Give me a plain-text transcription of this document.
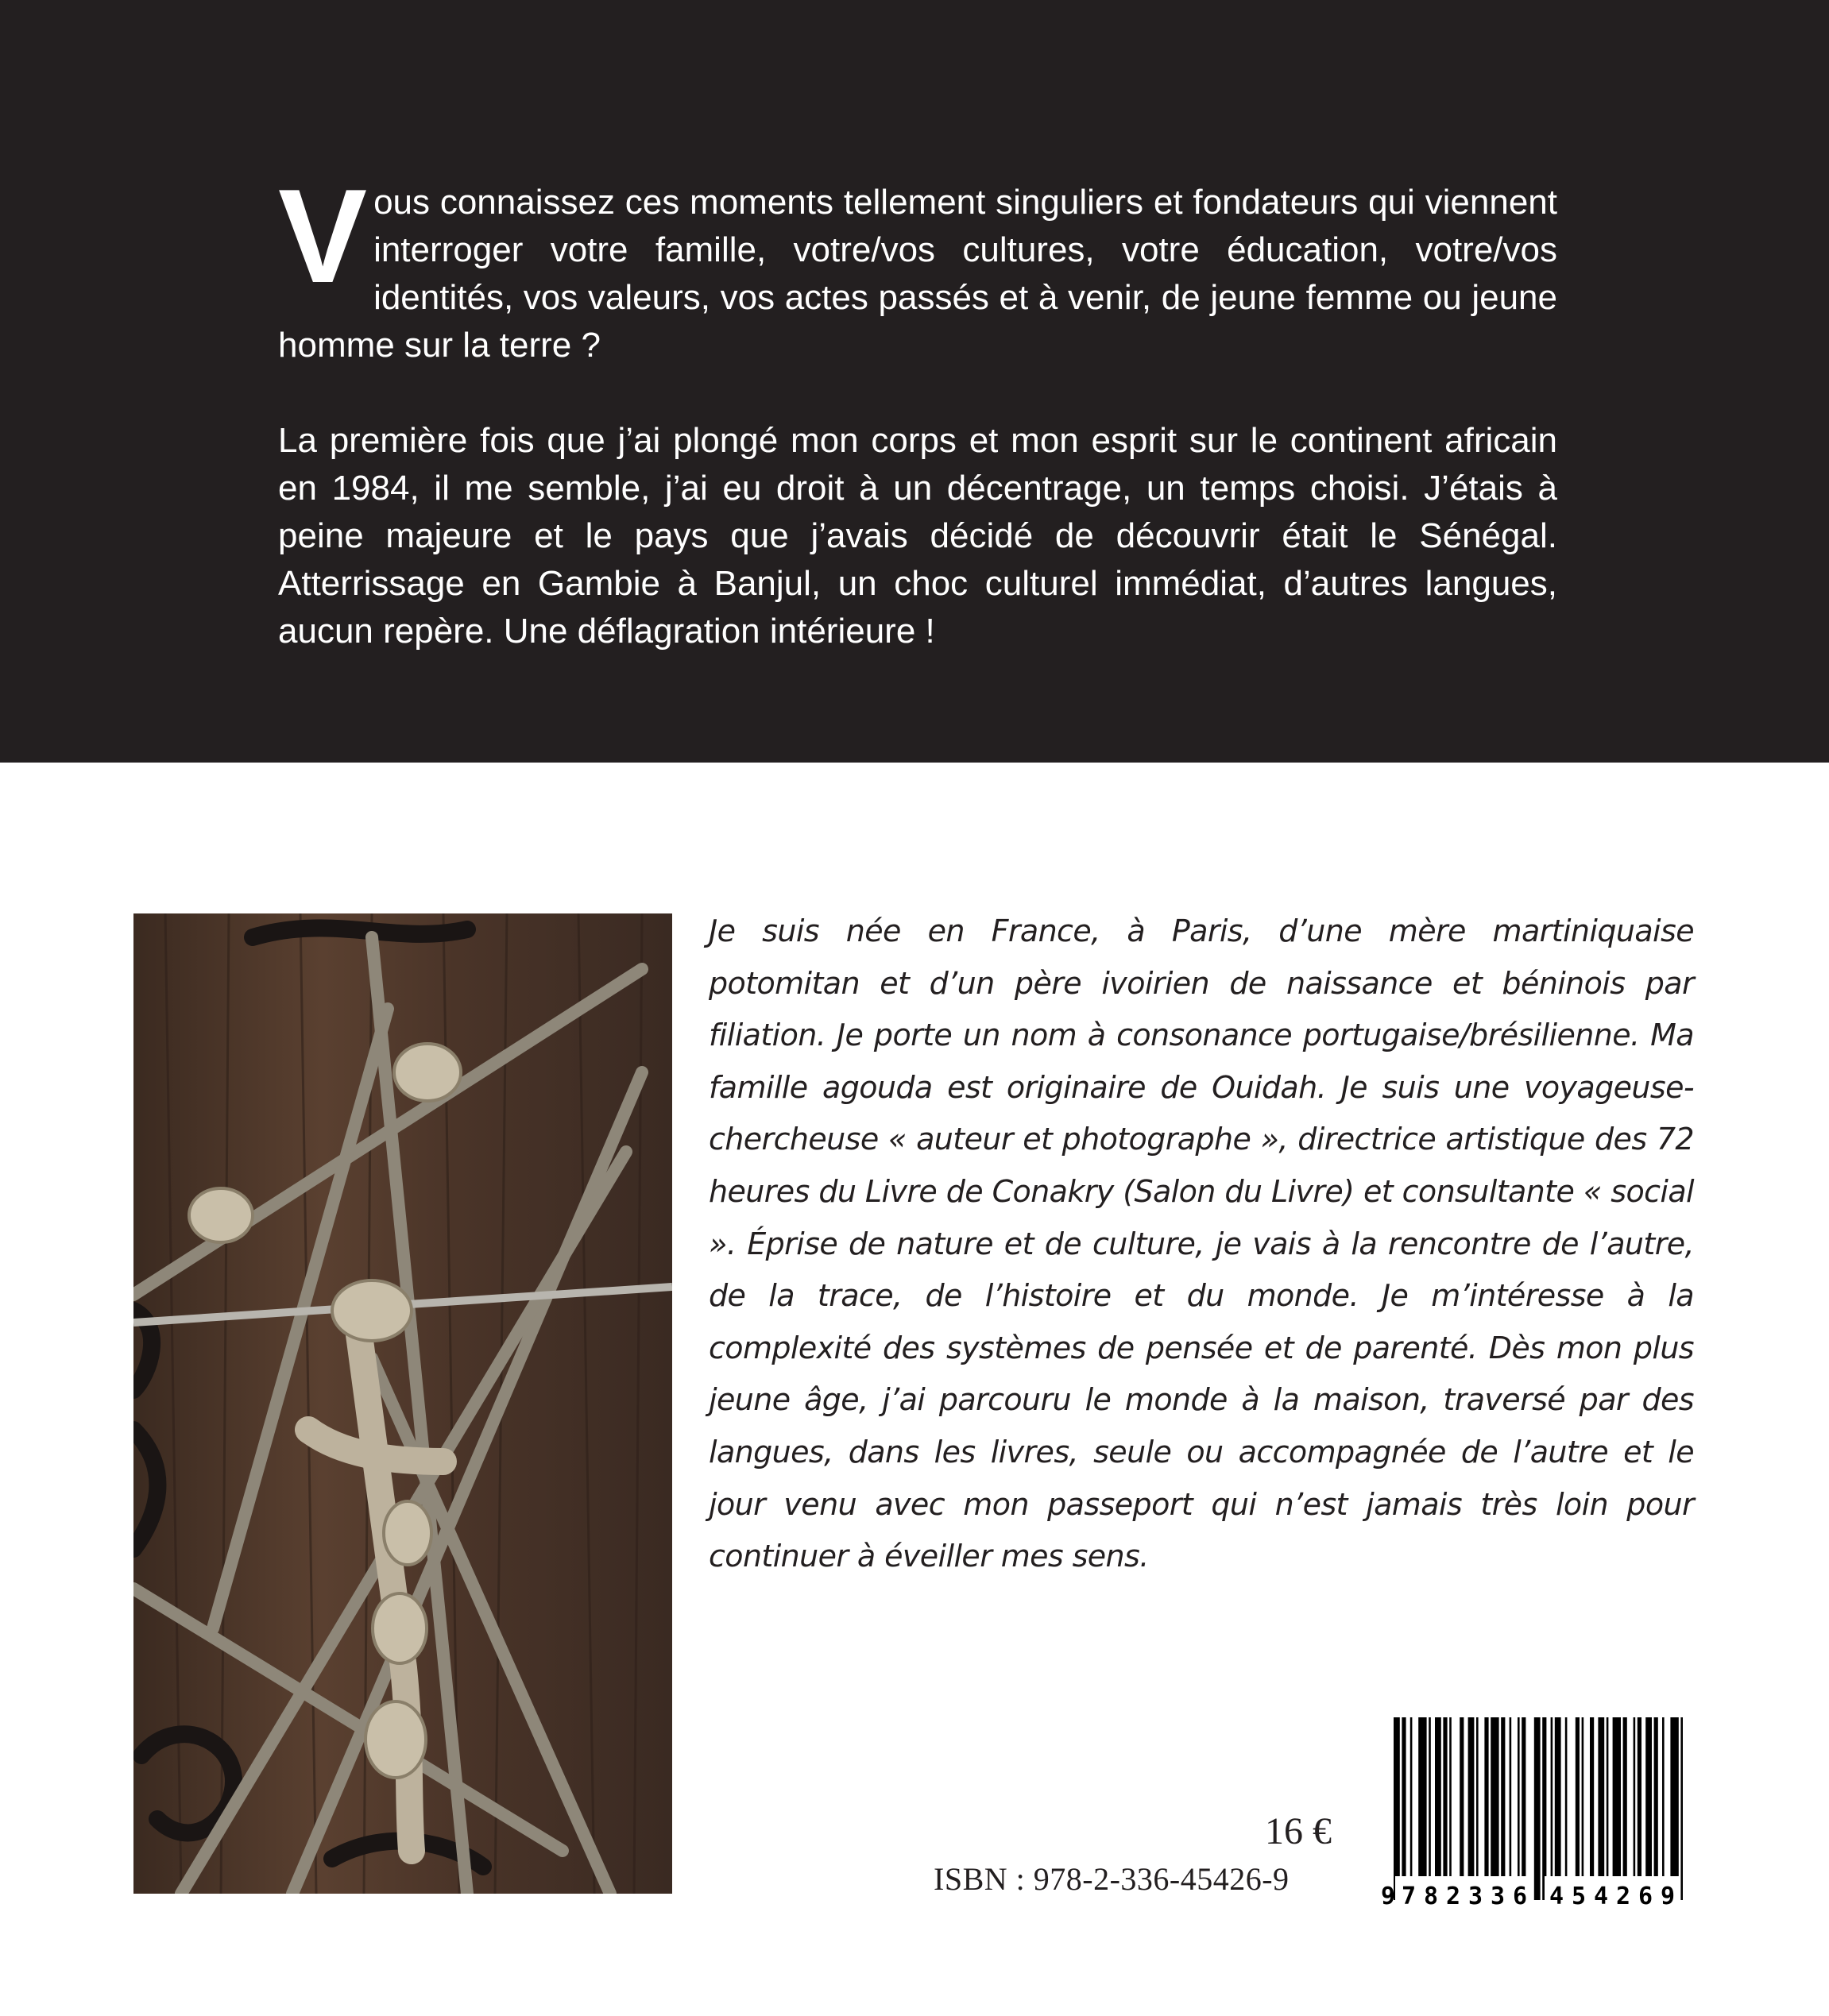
Vous connaissez ces moments tellement singuliers et fondateurs qui viennent interroger votre famille, votre/vos cultures, votre éducation, votre/vos identités, vos valeurs, vos actes passés et à venir, de jeune femme ou jeune homme sur la terre ?

La première fois que j’ai plongé mon corps et mon esprit sur le continent africain en 1984, il me semble, j’ai eu droit à un décentrage, un temps choisi. J’étais à peine majeure et le pays que j’avais décidé de découvrir était le Sénégal. Atterrissage en Gambie à Banjul, un choc culturel immédiat, d’autres langues, aucun repère. Une déflagration intérieure !

Je suis née en France, à Paris, d’une mère martiniquaise potomitan et d’un père ivoirien de naissance et béninois par filiation. Je porte un nom à consonance portugaise/brésilienne. Ma famille agouda est originaire de Ouidah. Je suis une voyageuse-chercheuse « auteur et photographe », directrice artistique des 72 heures du Livre de Conakry (Salon du Livre) et consultante « social ». Éprise de nature et de culture, je vais à la rencontre de l’autre, de la trace, de l’histoire et du monde. Je m’intéresse à la complexité des systèmes de pensée et de parenté. Dès mon plus jeune âge, j’ai parcouru le monde à la maison, traversé par des langues, dans les livres, seule ou accompagnée de l’autre et le jour venu avec mon passeport qui n’est jamais très loin pour continuer à éveiller mes sens.
16 €
ISBN : 978-2-336-45426-9	9 782336 454269
